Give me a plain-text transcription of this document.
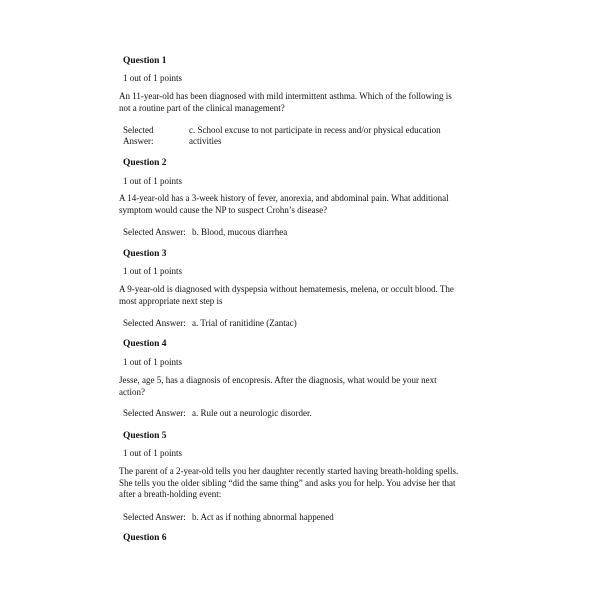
Question 1
1 out of 1 points
An 11-year-old has been diagnosed with mild intermittent asthma. Which of the following is not a routine part of the clinical management?
Selected Answer:
c. School excuse to not participate in recess and/or physical education activities
Question 2
1 out of 1 points
A 14-year-old has a 3-week history of fever, anorexia, and abdominal pain. What additional symptom would cause the NP to suspect Crohn’s disease?
Selected Answer: b. Blood, mucous diarrhea
Question 3
1 out of 1 points
A 9-year-old is diagnosed with dyspepsia without hematemesis, melena, or occult blood. The most appropriate next step is
Selected Answer: a. Trial of ranitidine (Zantac)
Question 4
1 out of 1 points
Jesse, age 5, has a diagnosis of encopresis. After the diagnosis, what would be your next action?
Selected Answer: a. Rule out a neurologic disorder.
Question 5
1 out of 1 points
The parent of a 2-year-old tells you her daughter recently started having breath-holding spells. She tells you the older sibling “did the same thing” and asks you for help. You advise her that after a breath-holding event:
Selected Answer: b. Act as if nothing abnormal happened
Question 6
